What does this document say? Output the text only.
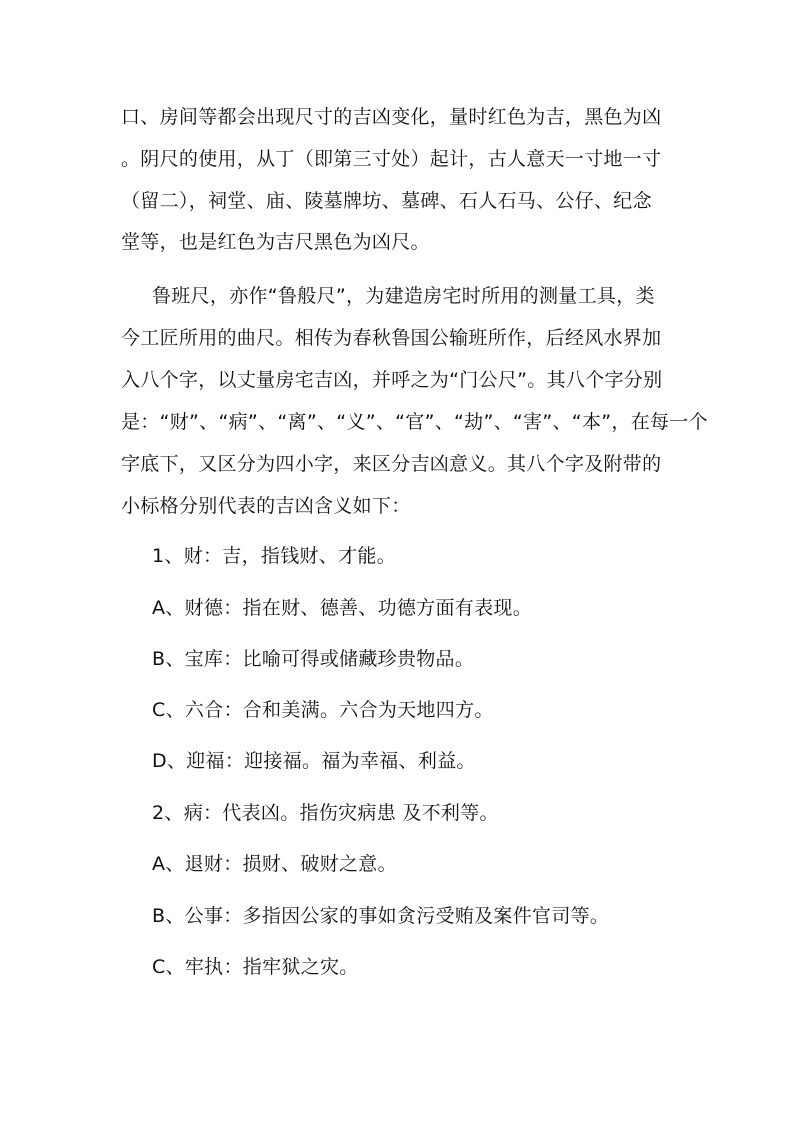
口、房间等都会出现尺寸的吉凶变化，量时红色为吉，黑色为凶
。阴尺的使用，从丁（即第三寸处）起计，古人意天一寸地一寸
（留二），祠堂、庙、陵墓牌坊、墓碑、石人石马、公仔、纪念
堂等，也是红色为吉尺黑色为凶尺。
鲁班尺，亦作“鲁般尺”，为建造房宅时所用的测量工具，类
今工匠所用的曲尺。相传为春秋鲁国公输班所作，后经风水界加
入八个字，以丈量房宅吉凶，并呼之为“门公尺”。其八个字分别
是：“财”、“病”、“离”、“义”、“官”、“劫”、“害”、“本”，在每一个
字底下，又区分为四小字，来区分吉凶意义。其八个字及附带的
小标格分别代表的吉凶含义如下：
1、财：吉，指钱财、才能。
A、财德：指在财、德善、功德方面有表现。
B、宝库：比喻可得或储藏珍贵物品。
C、六合：合和美满。六合为天地四方。
D、迎福：迎接福。福为幸福、利益。
2、病：代表凶。指伤灾病患 及不利等。
A、退财：损财、破财之意。
B、公事：多指因公家的事如贪污受贿及案件官司等。
C、牢执：指牢狱之灾。
